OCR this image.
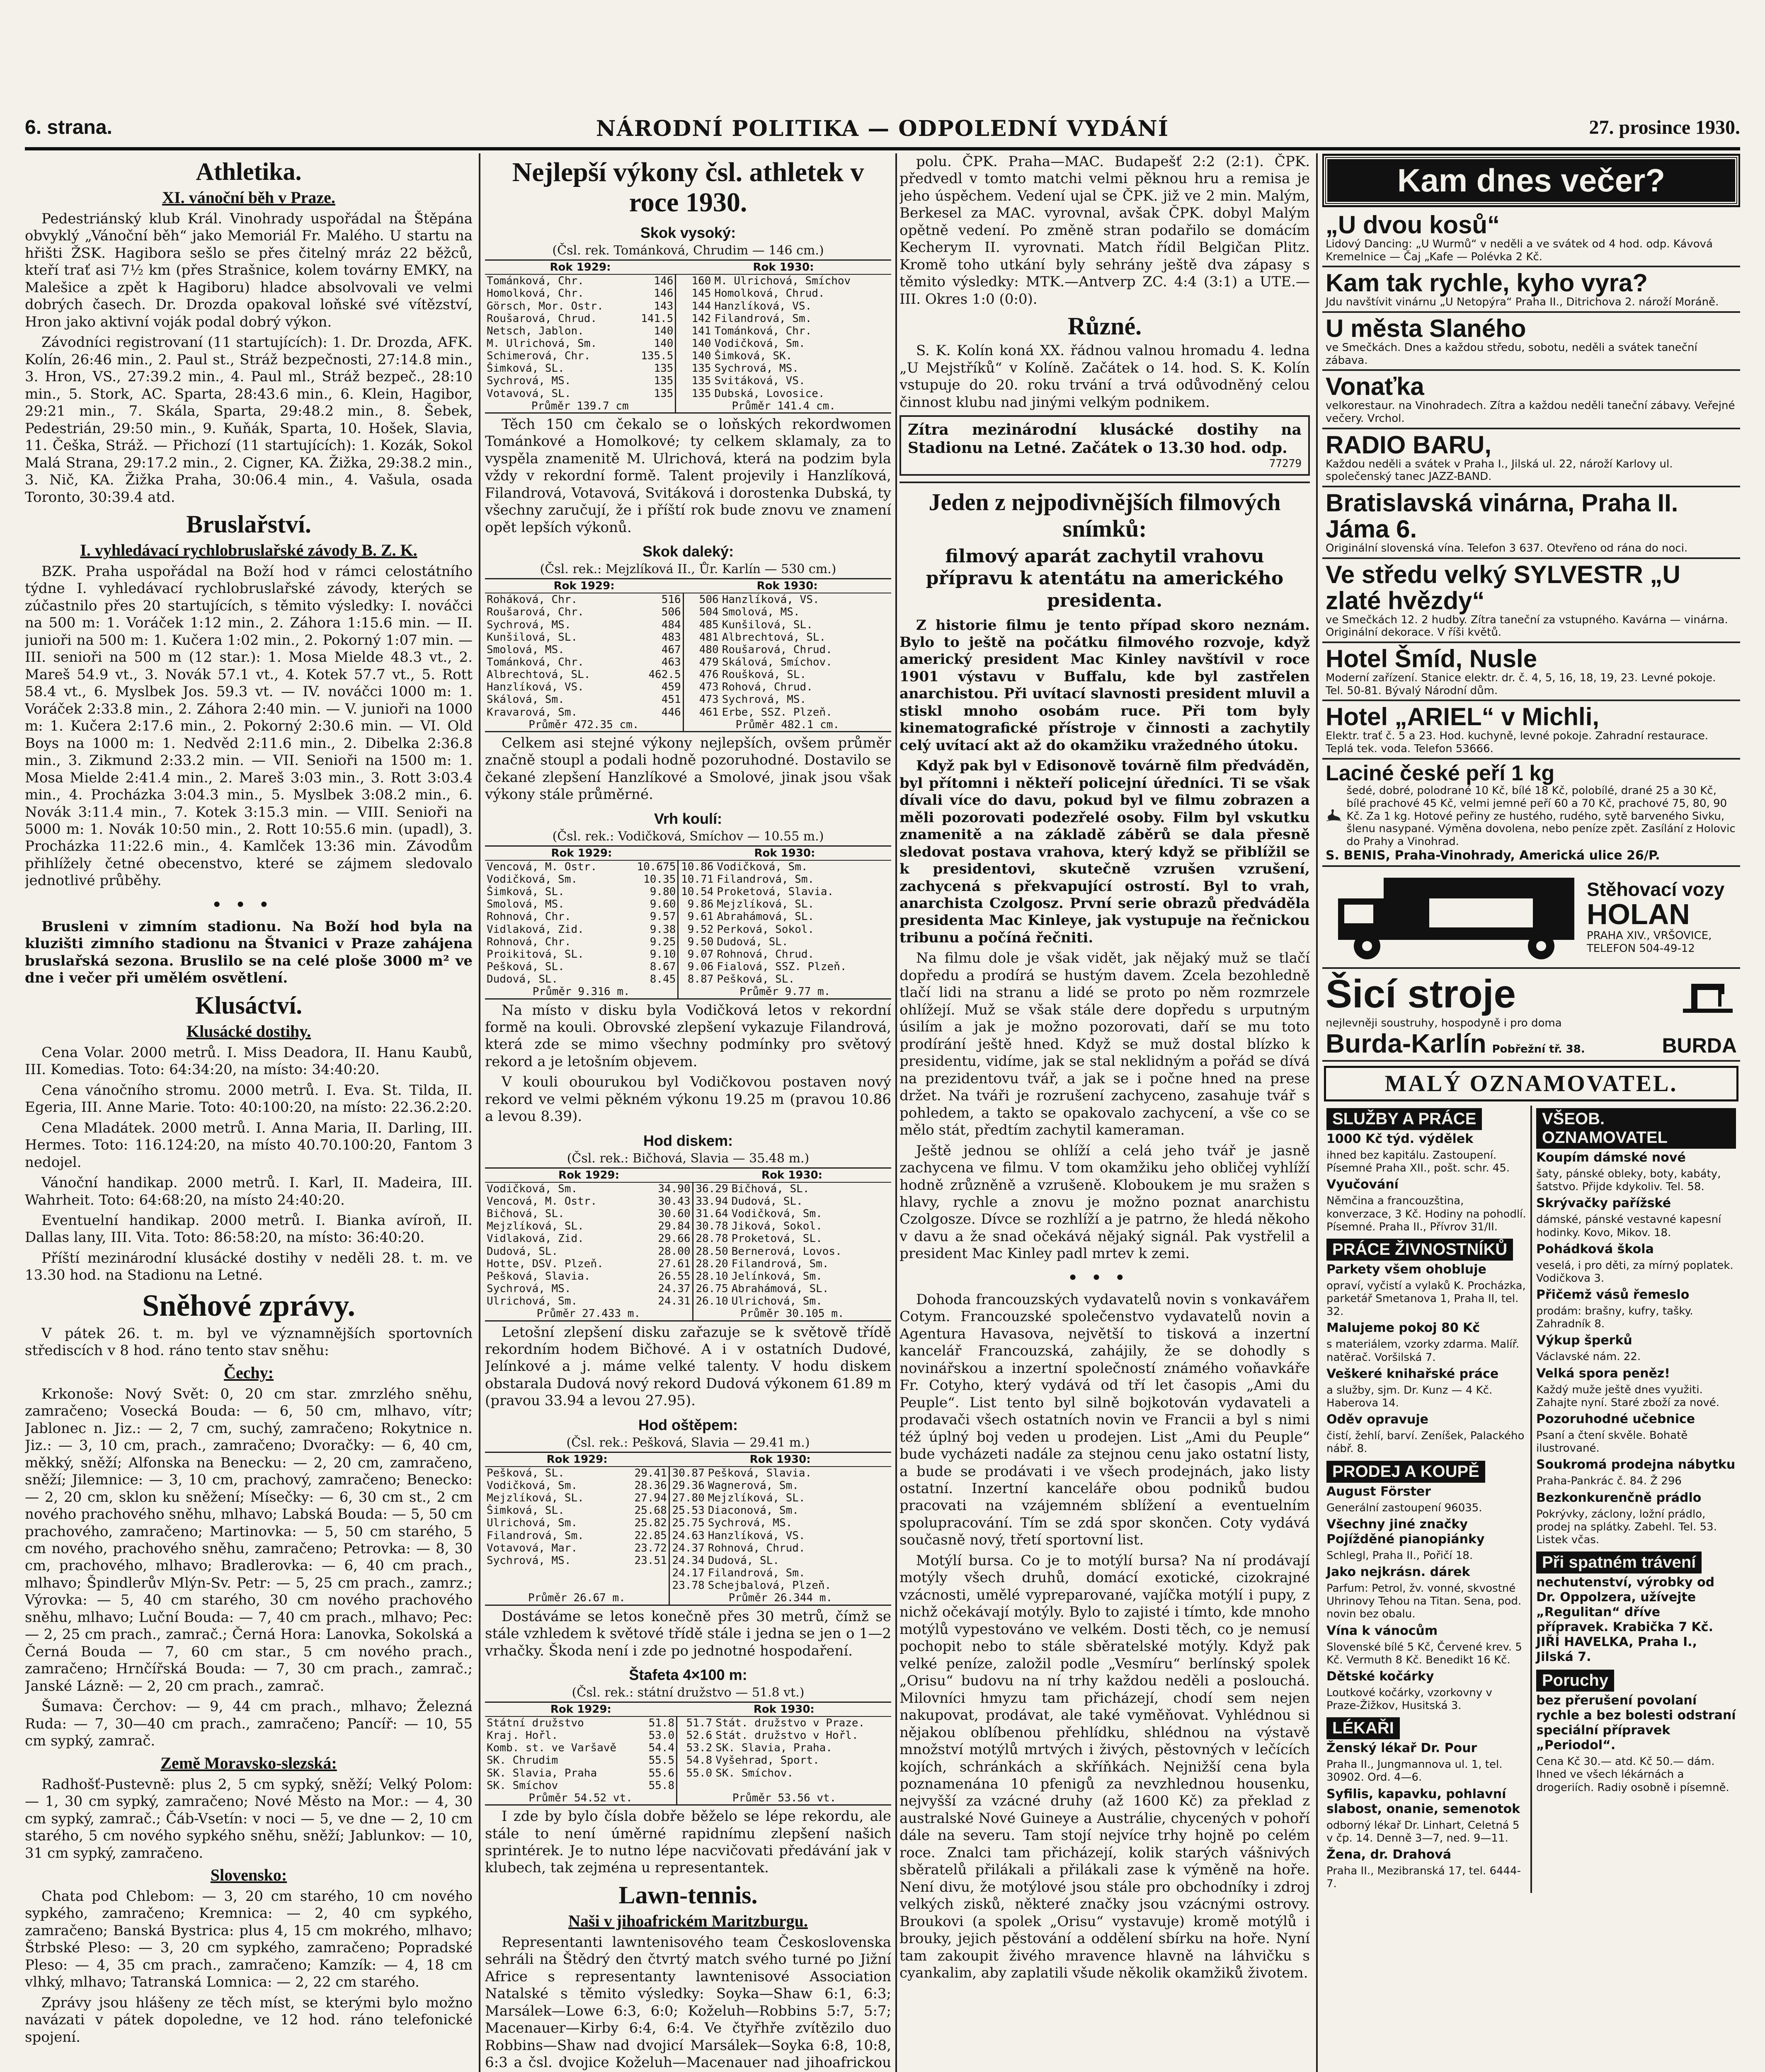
6. strana.	NÁRODNÍ POLITIKA — ODPOLEDNÍ VYDÁNÍ	27. prosince 1930.
Athletika.
XI. vánoční běh v Praze.

Pedestriánský klub Král. Vinohrady uspořádal na Štěpána obvyklý „Vánoční běh“ jako Memoriál Fr. Malého. U startu na hřišti ŽSK. Hagibora sešlo se přes čitelný mráz 22 běžců, kteří trať asi 7½ km (přes Strašnice, kolem továrny EMKY, na Malešice a zpět k Hagiboru) hladce absolvovali ve velmi dobrých časech. Dr. Drozda opakoval loňské své vítězství, Hron jako aktivní voják podal dobrý výkon.

Závodníci registrovaní (11 startujících): 1. Dr. Drozda, AFK. Kolín, 26:46 min., 2. Paul st., Stráž bezpečnosti, 27:14.8 min., 3. Hron, VS., 27:39.2 min., 4. Paul ml., Stráž bezpeč., 28:10 min., 5. Stork, AC. Sparta, 28:43.6 min., 6. Klein, Hagibor, 29:21 min., 7. Skála, Sparta, 29:48.2 min., 8. Šebek, Pedestrián, 29:50 min., 9. Kuňák, Sparta, 10. Hošek, Slavia, 11. Češka, Stráž. — Přichozí (11 startujících): 1. Kozák, Sokol Malá Strana, 29:17.2 min., 2. Cigner, KA. Žižka, 29:38.2 min., 3. Nič, KA. Žižka Praha, 30:06.4 min., 4. Vašula, osada Toronto, 30:39.4 atd.

Bruslařství.
I. vyhledávací rychlobruslařské závody B. Z. K.

BZK. Praha uspořádal na Boží hod v rámci celostátního týdne I. vyhledávací rychlobruslařské závody, kterých se zúčastnilo přes 20 startujících, s těmito výsledky: I. nováčci na 500 m: 1. Voráček 1:12 min., 2. Záhora 1:15.6 min. — II. junioři na 500 m: 1. Kučera 1:02 min., 2. Pokorný 1:07 min. — III. senioři na 500 m (12 star.): 1. Mosa Mielde 48.3 vt., 2. Mareš 54.9 vt., 3. Novák 57.1 vt., 4. Kotek 57.7 vt., 5. Rott 58.4 vt., 6. Myslbek Jos. 59.3 vt. — IV. nováčci 1000 m: 1. Voráček 2:33.8 min., 2. Záhora 2:40 min. — V. junioři na 1000 m: 1. Kučera 2:17.6 min., 2. Pokorný 2:30.6 min. — VI. Old Boys na 1000 m: 1. Nedvěd 2:11.6 min., 2. Dibelka 2:36.8 min., 3. Zikmund 2:33.2 min. — VII. Senioři na 1500 m: 1. Mosa Mielde 2:41.4 min., 2. Mareš 3:03 min., 3. Rott 3:03.4 min., 4. Procházka 3:04.3 min., 5. Myslbek 3:08.2 min., 6. Novák 3:11.4 min., 7. Kotek 3:15.3 min. — VIII. Senioři na 5000 m: 1. Novák 10:50 min., 2. Rott 10:55.6 min. (upadl), 3. Procházka 11:22.6 min., 4. Kamlček 13:36 min. Závodům přihlížely četné obecenstvo, které se zájmem sledovalo jednotlivé průběhy.

•••

Brusleni v zimním stadionu. Na Boží hod byla na kluzišti zimního stadionu na Štvanici v Praze zahájena bruslařská sezona. Bruslilo se na celé ploše 3000 m² ve dne i večer při umělém osvětlení.

Klusáctví.
Klusácké dostihy.

Cena Volar. 2000 metrů. I. Miss Deadora, II. Hanu Kaubů, III. Komedias. Toto: 64:34:20, na místo: 34:40:20.

Cena vánočního stromu. 2000 metrů. I. Eva. St. Tilda, II. Egeria, III. Anne Marie. Toto: 40:100:20, na místo: 22.36.2:20.

Cena Mladátek. 2000 metrů. I. Anna Maria, II. Darling, III. Hermes. Toto: 116.124:20, na místo 40.70.100:20, Fantom 3 nedojel.

Vánoční handikap. 2000 metrů. I. Karl, II. Madeira, III. Wahrheit. Toto: 64:68:20, na místo 24:40:20.

Eventuelní handikap. 2000 metrů. I. Bianka avíroň, II. Dallas lany, III. Vita. Toto: 86:58:20, na místo: 36:40:20.

Příští mezinárodní klusácké dostihy v neděli 28. t. m. ve 13.30 hod. na Stadionu na Letné.

Sněhové zprávy.

V pátek 26. t. m. byl ve významnějších sportovních střediscích v 8 hod. ráno tento stav sněhu:

Čechy:

Krkonoše: Nový Svět: 0, 20 cm star. zmrzlého sněhu, zamračeno; Vosecká Bouda: — 6, 50 cm, mlhavo, vítr; Jablonec n. Jiz.: — 2, 7 cm, suchý, zamračeno; Rokytnice n. Jiz.: — 3, 10 cm, prach., zamračeno; Dvoračky: — 6, 40 cm, měkký, sněží; Alfonska na Benecku: — 2, 20 cm, zamračeno, sněží; Jilemnice: — 3, 10 cm, prachový, zamračeno; Benecko: — 2, 20 cm, sklon ku sněžení; Mísečky: — 6, 30 cm st., 2 cm nového prachového sněhu, mlhavo; Labská Bouda: — 5, 50 cm prachového, zamračeno; Martinovka: — 5, 50 cm starého, 5 cm nového, prachového sněhu, zamračeno; Petrovka: — 8, 30 cm, prachového, mlhavo; Bradlerovka: — 6, 40 cm prach., mlhavo; Špindlerův Mlýn-Sv. Petr: — 5, 25 cm prach., zamrz.; Výrovka: — 5, 40 cm starého, 30 cm nového prachového sněhu, mlhavo; Luční Bouda: — 7, 40 cm prach., mlhavo; Pec: — 2, 25 cm prach., zamrač.; Černá Hora: Lanovka, Sokolská a Černá Bouda — 7, 60 cm star., 5 cm nového prach., zamračeno; Hrnčířská Bouda: — 7, 30 cm prach., zamrač.; Janské Lázně: — 2, 20 cm prach., zamrač.

Šumava: Čerchov: — 9, 44 cm prach., mlhavo; Železná Ruda: — 7, 30—40 cm prach., zamračeno; Pancíř: — 10, 55 cm sypký, zamrač.

Země Moravsko-slezská:

Radhošť-Pustevně: plus 2, 5 cm sypký, sněží; Velký Polom: — 1, 30 cm sypký, zamračeno; Nové Město na Mor.: — 4, 30 cm sypký, zamrač.; Čáb-Vsetín: v noci — 5, ve dne — 2, 10 cm starého, 5 cm nového sypkého sněhu, sněží; Jablunkov: — 10, 31 cm sypký, zamračeno.

Slovensko:

Chata pod Chlebom: — 3, 20 cm starého, 10 cm nového sypkého, zamračeno; Kremnica: — 2, 40 cm sypkého, zamračeno; Banská Bystrica: plus 4, 15 cm mokrého, mlhavo; Štrbské Pleso: — 3, 20 cm sypkého, zamračeno; Popradské Pleso: — 4, 35 cm prach., zamračeno; Kamzík: — 4, 18 cm vlhký, mlhavo; Tatranská Lomnica: — 2, 22 cm starého.

Zprávy jsou hlášeny ze těch míst, se kterými bylo možno navázati v pátek dopoledne, ve 12 hod. ráno telefonické spojení.

Nejlepší výkony čsl. athletek v roce 1930.
Skok vysoký:
(Čsl. rek. Tománková, Chrudim — 146 cm.)
Rok 1929:		Rok 1930:	
Tománková, Chr.	146	160	M. Ulrichová, Smíchov
Homolková, Chr.	146	145	Homolková, Chrud.
Görsch, Mor. Ostr.	143	144	Hanzlíková, VS.
Roušarová, Chrud.	141.5	142	Filandrová, Sm.
Netsch, Jablon.	140	141	Tománková, Chr.
M. Ulrichová, Sm.	140	140	Vodičková, Sm.
Schimerová, Chr.	135.5	140	Šimková, SK.
Šimková, SL.	135	135	Sychrová, MS.
Sychrová, MS.	135	135	Svitáková, VS.
Votavová, SL.	135	135	Dubská, Lovosice.
Průměr 139.7 cm		Průměr 141.4 cm.	

Těch 150 cm čekalo se o loňských rekordwomen Tománkové a Homolkové; ty celkem sklamaly, za to vyspěla znamenitě M. Ulrichová, která na podzim byla vždy v rekordní formě. Talent projevily i Hanzlíková, Filandrová, Votavová, Svitáková i dorostenka Dubská, ty všechny zaručují, že i příští rok bude znovu ve znamení opět lepších výkonů.

Skok daleký:
(Čsl. rek.: Mejzlíková II., Ůr. Karlín — 530 cm.)
Rok 1929:		Rok 1930:	
Roháková, Chr.	516	506	Hanzlíková, VS.
Roušarová, Chr.	506	504	Smolová, MS.
Sychrová, MS.	484	485	Kunšilová, SL.
Kunšilová, SL.	483	481	Albrechtová, SL.
Smolová, MS.	467	480	Roušarová, Chrud.
Tománková, Chr.	463	479	Skálová, Smíchov.
Albrechtová, SL.	462.5	476	Roušková, SL.
Hanzlíková, VS.	459	473	Rohová, Chrud.
Skálová, Sm.	451	473	Sychrová, MS.
Kravarová, Sm.	446	461	Erbe, SSZ. Plzeň.
Průměr 472.35 cm.		Průměr 482.1 cm.	

Celkem asi stejné výkony nejlepších, ovšem průměr značně stoupl a podali hodně pozoruhodné. Dostavilo se čekané zlepšení Hanzlíkové a Smolové, jinak jsou však výkony stále průměrné.

Vrh koulí:
(Čsl. rek.: Vodičková, Smíchov — 10.55 m.)
Rok 1929:		Rok 1930:	
Vencová, M. Ostr.	10.675	10.86	Vodičková, Sm.
Vodičková, Sm.	10.35	10.71	Filandrová, Sm.
Šimková, SL.	9.80	10.54	Proketová, Slavia.
Smolová, MS.	9.60	9.86	Mejzlíková, SL.
Rohnová, Chr.	9.57	9.61	Abrahámová, SL.
Vidlaková, Zid.	9.38	9.52	Perková, Sokol.
Rohnová, Chr.	9.25	9.50	Dudová, SL.
Proikitová, SL.	9.10	9.07	Rohnová, Chrud.
Pešková, SL.	8.67	9.06	Fialová, SSZ. Plzeň.
Dudová, SL.	8.45	8.87	Pešková, SL.
Průměr 9.316 m.		Průměr 9.77 m.	

Na místo v disku byla Vodičková letos v rekordní formě na kouli. Obrovské zlepšení vykazuje Filandrová, která zde se mimo všechny podmínky pro světový rekord a je letošním objevem.

V kouli obourukou byl Vodičkovou postaven nový rekord ve velmi pěkném výkonu 19.25 m (pravou 10.86 a levou 8.39).

Hod diskem:
(Čsl. rek.: Bičhová, Slavia — 35.48 m.)
Rok 1929:		Rok 1930:	
Vodičková, Sm.	34.90	36.29	Bičhová, SL.
Vencová, M. Ostr.	30.43	33.94	Dudová, SL.
Bičhová, SL.	30.60	31.64	Vodičková, Sm.
Mejzlíková, SL.	29.84	30.78	Jiková, Sokol.
Vidlaková, Zid.	29.66	28.78	Proketová, SL.
Dudová, SL.	28.00	28.50	Bernerová, Lovos.
Hotte, DSV. Plzeň.	27.61	28.20	Filandrová, Sm.
Pešková, Slavia.	26.55	28.10	Jelínková, Sm.
Sychrová, MS.	24.37	26.75	Abrahámová, SL.
Ulrichová, Sm.	24.31	26.10	Ulrichová, Sm.
Průměr 27.433 m.		Průměr 30.105 m.	

Letošní zlepšení disku zařazuje se k světově třídě rekordním hodem Bičhové. A i v ostatních Dudové, Jelínkové a j. máme velké talenty. V hodu diskem obstarala Dudová nový rekord Dudová výkonem 61.89 m (pravou 33.94 a levou 27.95).

Hod oštěpem:
(Čsl. rek.: Pešková, Slavia — 29.41 m.)
Rok 1929:		Rok 1930:	
Pešková, SL.	29.41	30.87	Pešková, Slavia.
Vodičková, Sm.	28.36	29.36	Wagnerová, Sm.
Mejzlíková, SL.	27.94	27.80	Mejzlíková, SL.
Šimková, SL.	25.68	25.53	Diaconová, Sm.
Ulrichová, Sm.	25.82	25.75	Sychrová, MS.
Filandrová, Sm.	22.85	24.63	Hanzlíková, VS.
Votavová, Mar.	23.72	24.37	Rohnová, Chrud.
Sychrová, MS.	23.51	24.34	Dudová, SL.
		24.17	Filandrová, Sm.
		23.78	Schejbalová, Plzeň.
Průměr 26.67 m.		Průměr 26.344 m.	

Dostáváme se letos konečně přes 30 metrů, čímž se stále vzhledem k světové třídě stále i jedna se jen o 1—2 vrhačky. Škoda není i zde po jednotné hospodaření.

Štafeta 4×100 m:
(Čsl. rek.: státní družstvo — 51.8 vt.)
Rok 1929:		Rok 1930:	
Státní družstvo	51.8	51.7	Stát. družstvo v Praze.
Kraj. Hořl.	53.0	52.6	Stát. družstvo v Hořl.
Komb. st. ve Varšavě	54.4	53.2	SK. Slavia, Praha.
SK. Chrudim	55.5	54.8	Vyšehrad, Sport.
SK. Slavia, Praha	55.6	55.0	SK. Smíchov.
SK. Smíchov	55.8		
Průměr 54.52 vt.		Průměr 53.56 vt.	

I zde by bylo čísla dobře běželo se lépe rekordu, ale stále to není úměrné rapidnímu zlepšení našich sprintérek. Je to nutno lépe nacvičovati předávání jak v klubech, tak zejména u representantek.

Lawn-tennis.
Naši v jihoafrickém Maritzburgu.

Representanti lawntenisového team Československa sehráli na Štědrý den čtvrtý match svého turné po Jižní Africe s representanty lawntenisové Association Natalské s těmito výsledky: Soyka—Shaw 6:1, 6:3; Marsálek—Lowe 6:3, 6:0; Koželuh—Robbins 5:7, 5:7; Macenauer—Kirby 6:4, 6:4. Ve čtyřhře zvítězilo duo Robbins—Shaw nad dvojicí Marsálek—Soyka 6:8, 10:8, 6:3 a čsl. dvojice Koželuh—Macenauer nad jihoafrickou

polu. ČPK. Praha—MAC. Budapešť 2:2 (2:1). ČPK. předvedl v tomto matchi velmi pěknou hru a remisa je jeho úspěchem. Vedení ujal se ČPK. již ve 2 min. Malým, Berkesel za MAC. vyrovnal, avšak ČPK. dobyl Malým opětně vedení. Po změně stran podařilo se domácím Kecherym II. vyrovnati. Match řídil Belgičan Plitz. Kromě toho utkání byly sehrány ještě dva zápasy s těmito výsledky: MTK.—Antverp ZC. 4:4 (3:1) a UTE.—III. Okres 1:0 (0:0).

Různé.

S. K. Kolín koná XX. řádnou valnou hromadu 4. ledna „U Mejstříků“ v Kolíně. Začátek o 14. hod. S. K. Kolín vstupuje do 20. roku trvání a trvá odůvodněný celou činnost klubu nad jinými velkým podnikem.

Zítra mezinárodní klusácké dostihy na Stadionu na Letné. Začátek o 13.30 hod. odp.
77279
Jeden z nejpodivnějších filmových snímků:
filmový aparát zachytil vrahovu přípravu k atentátu na amerického presidenta.

Z historie filmu je tento případ skoro neznám. Bylo to ještě na počátku filmového rozvoje, když americký president Mac Kinley navštívil v roce 1901 výstavu v Buffalu, kde byl zastřelen anarchistou. Při uvítací slavnosti president mluvil a stiskl mnoho osobám ruce. Při tom byly kinematografické přístroje v činnosti a zachytily celý uvítací akt až do okamžiku vražedného útoku.

Když pak byl v Edisonově továrně film předváděn, byl přítomni i někteří policejní úředníci. Ti se však dívali více do davu, pokud byl ve filmu zobrazen a měli pozorovati podezřelé osoby. Film byl vskutku znamenitě a na základě záběrů se dala přesně sledovat postava vrahova, který když se přiblížil se k presidentovi, skutečně vzrušen vzrušení, zachycená s překvapující ostrostí. Byl to vrah, anarchista Czolgosz. První serie obrazů předváděla presidenta Mac Kinleye, jak vystupuje na řečnickou tribunu a počíná řečniti.

Na filmu dole je však vidět, jak nějaký muž se tlačí dopředu a prodírá se hustým davem. Zcela bezohledně tlačí lidi na stranu a lidé se proto po něm rozmrzele ohlížejí. Muž se však stále dere dopředu s urputným úsilím a jak je možno pozorovati, daří se mu toto prodírání ještě hned. Když se muž dostal blízko k presidentu, vidíme, jak se stal neklidným a pořád se dívá na prezidentovu tvář, a jak se i počne hned na prese držet. Na tváři je rozrušení zachyceno, zasahuje tvář s pohledem, a takto se opakovalo zachycení, a vše co se mělo stát, předtím zachytil kameraman.

Ještě jednou se ohlíží a celá jeho tvář je jasně zachycena ve filmu. V tom okamžiku jeho obličej vyhlíží hodně zrůzněně a vzrušeně. Kloboukem je mu sražen s hlavy, rychle a znovu je možno poznat anarchistu Czolgosze. Dívce se rozhlíží a je patrno, že hledá někoho v davu a že snad očekává nějaký signál. Pak vystřelil a president Mac Kinley padl mrtev k zemi.

•••

Dohoda francouzských vydavatelů novin s vonkavářem Cotym. Francouzské společenstvo vydavatelů novin a Agentura Havasova, největší to tisková a inzertní kancelář Francouzská, zahájily, že se dohodly s novinářskou a inzertní společností známého voňavkáře Fr. Cotyho, který vydává od tří let časopis „Ami du Peuple“. List tento byl silně bojkotován vydavateli a prodavači všech ostatních novin ve Francii a byl s nimi též úplný boj veden u prodejen. List „Ami du Peuple“ bude vycházeti nadále za stejnou cenu jako ostatní listy, a bude se prodávati i ve všech prodejnách, jako listy ostatní. Inzertní kanceláře obou podniků budou pracovati na vzájemném sblížení a eventuelním spolupracování. Tím se zdá spor skončen. Coty vydává současně nový, třetí sportovní list.

Motýlí bursa. Co je to motýlí bursa? Na ní prodávají motýly všech druhů, domácí exotické, cizokrajné vzácnosti, umělé vypreparované, vajíčka motýlí i pupy, z nichž očekávají motýly. Bylo to zajisté i tímto, kde mnoho motýlů vypestováno ve velkém. Dosti těch, co je nemusí pochopit nebo to stále sběratelské motýly. Když pak velké peníze, založil podle „Vesmíru“ berlínský spolek „Orisu“ budovu na ní trhy každou neděli a poslouchá. Milovníci hmyzu tam přicházejí, chodí sem nejen nakupovat, prodávat, ale také vyměňovat. Vyhlédnou si nějakou oblíbenou přehlídku, shlédnou na výstavě množství motýlů mrtvých i živých, pěstovných v lečících kojích, schránkách a skříňkách. Nejnižší cena byla poznamenána 10 pfenigů za nevzhlednou housenku, nejvyšší za vzácné druhy (až 1600 Kč) za překlad z australské Nové Guineye a Austrálie, chycených v pohoří dále na severu. Tam stojí nejvíce trhy hojně po celém roce. Znalci tam přicházejí, kolik starých vášnivých sběratelů přilákali a přilákali zase k výměně na hoře. Není divu, že motýlové jsou stále pro obchodníky i zdroj velkých zisků, některé značky jsou vzácnými ostrovy. Broukovi (a spolek „Orisu“ vystavuje) kromě motýlů i brouky, jejich pěstování a oddělení sbírku na hoře. Nyní tam zakoupit živého mravence hlavně na láhvičku s cyankalim, aby zaplatili všude několik okamžiků životem.

Kam dnes večer?
„U dvou kosů“
Lidový Dancing: „U Wurmů“ v neděli a ve svátek od 4 hod. odp. Kávová Kremelnice — Čaj „Kafe — Polévka 2 Kč.
Kam tak rychle, kyho vyra?
Jdu navštívit vinárnu „U Netopýra“ Praha II., Ditrichova 2. nároží Moráně.
U města Slaného
ve Smečkách. Dnes a každou středu, sobotu, neděli a svátek taneční zábava.
Vonaťka
velkorestaur. na Vinohradech. Zítra a každou neděli taneční zábavy. Veřejné večery. Vrchol.
RADIO BARU,
Každou neděli a svátek v Praha I., Jilská ul. 22, nároží Karlovy ul. společenský tanec JAZZ-BAND.
Bratislavská vinárna, Praha II. Jáma 6.
Originální slovenská vína. Telefon 3 637. Otevřeno od rána do noci.
Ve středu velký SYLVESTR „U zlaté hvězdy“
ve Smečkách 12. 2 hudby. Zítra taneční za vstupného. Kavárna — vinárna. Originální dekorace. V říši květů.
Hotel Šmíd, Nusle
Moderní zařízení. Stanice elektr. dr. č. 4, 5, 16, 18, 19, 23. Levné pokoje. Tel. 50-81. Bývalý Národní dům.
Hotel „ARIEL“ v Michli,
Elektr. trať č. 5 a 23. Hod. kuchyně, levné pokoje. Zahradní restaurace. Teplá tek. voda. Telefon 53666.
Laciné české peří 1 kg
šedé, dobré, polodrané 10 Kč, bílé 18 Kč, polobílé, drané 25 a 30 Kč, bílé prachové 45 Kč, velmi jemné peří 60 a 70 Kč, prachové 75, 80, 90 Kč. Za 1 kg. Hotové peřiny ze hustého, rudého, sytě barveného Sivku, šlenu nasypané. Výměna dovolena, nebo peníze zpět. Zasílání z Holovic do Prahy a Vinohrad.
S. BENIS, Praha-Vinohrady, Americká ulice 26/P.
Stěhovací vozy
HOLAN
PRAHA XIV., VRŠOVICE, TELEFON 504-49-12
Šicí stroje
nejlevněji soustruhy, hospodyně i pro doma
Burda-Karlín Pobřežní tř. 38.	BURDA
MALÝ OZNAMOVATEL.
SLUŽBY A PRÁCE
1000 Kč týd. výdělek
ihned bez kapitálu. Zastoupení. Písemné Praha XII., pošt. schr. 45.
Vyučování
Němčina a francouzština, konverzace, 3 Kč. Hodiny na pohodlí. Písemné. Praha II., Přívrov 31/II.
PRÁCE ŽIVNOSTNÍKŮ
Parkety všem ohobluje
opraví, vyčistí a vylaků K. Procházka, parketář Smetanova 1, Praha II, tel. 32.
Malujeme pokoj 80 Kč
s materiálem, vzorky zdarma. Malíř. natěrač. Voršilská 7.
Veškeré knihařské práce
a služby, sjm. Dr. Kunz — 4 Kč. Haberova 14.
Oděv opravuje
čistí, žehlí, barví. Zeníšek, Palackého nábř. 8.
PRODEJ A KOUPĚ
August Förster
Generální zastoupení 96035.
Všechny jiné značky Pojížděné pianopiánky
Schlegl, Praha II., Pořičí 18.
Jako nejkrásn. dárek
Parfum: Petrol, žv. vonné, skvostné Uhrinovy Tehou na Titan. Sena, pod. novin bez obalu.
Vína k vánocům
Slovenské bílé 5 Kč, Červené krev. 5 Kč. Vermuth 8 Kč. Benedikt 16 Kč.
Dětské kočárky
Loutkové kočárky, vzorkovny v Praze-Žižkov, Husitská 3.
LÉKAŘI
Ženský lékař Dr. Pour
Praha II., Jungmannova ul. 1, tel. 30902. Ord. 4—6.
Syfilis, kapavku, pohlavní slabost, onanie, semenotok
odborný lékař Dr. Linhart, Celetná 5 v čp. 14. Denně 3—7, ned. 9—11.
Žena, dr. Drahová
Praha II., Mezibranská 17, tel. 6444-7.
VŠEOB. OZNAMOVATEL
Koupím dámské nové
šaty, pánské obleky, boty, kabáty, šatstvo. Přijde kdykoliv. Tel. 58.
Skrývačky pařížské
dámské, pánské vestavné kapesní hodinky. Kovo, Mikov. 18.
Pohádková škola
veselá, i pro děti, za mírný poplatek. Vodičkova 3.
Přičemž vásů řemeslo
prodám: brašny, kufry, tašky. Zahradník 8.
Výkup šperků
Václavské nám. 22.
Velká spora peněz!
Každý muže ještě dnes využiti. Zahajte nyní. Staré zboží za nové.
Pozoruhodné učebnice
Psaní a čtení skvěle. Bohatě ilustrované.
Soukromá prodejna nábytku
Praha-Pankrác č. 84. Ž 296
Bezkonkurenčně prádlo
Pokrývky, záclony, ložní prádlo, prodej na splátky. Zabehl. Tel. 53. Listek včas.
Při spatném trávení
nechutenství, výrobky od Dr. Oppolzera, užívejte „Regulitan“ dříve přípravek. Krabička 7 Kč. JIŘÍ HAVELKA, Praha I., Jilská 7.
Poruchy
bez přerušení povolaní rychle a bez bolesti odstraní speciální přípravek „Periodol“.
Cena Kč 30.— atd. Kč 50.— dám. Ihned ve všech lékárnách a drogeriích. Radiy osobně i písemně.
